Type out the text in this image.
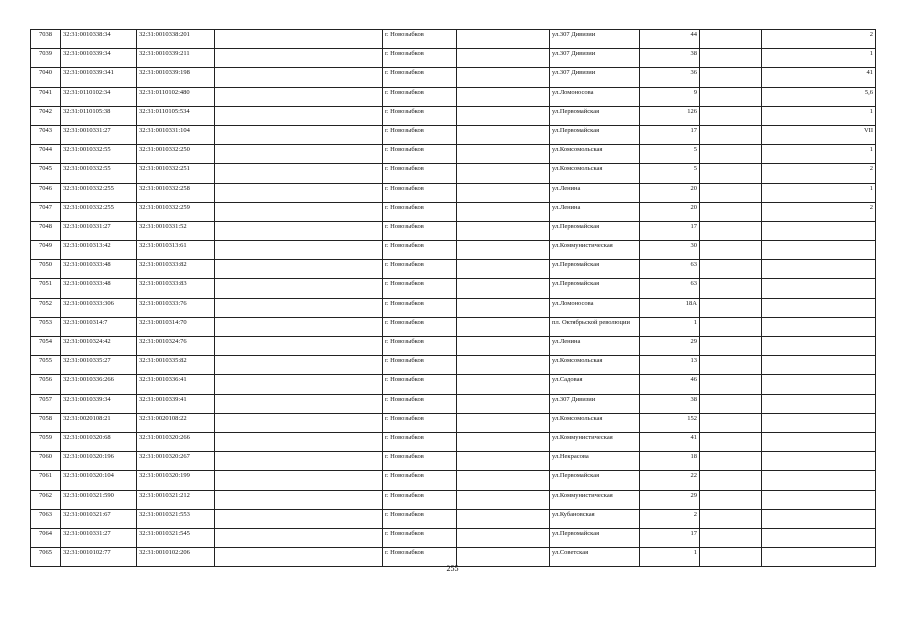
7038	32:31:0010338:34	32:31:0010338:201		г. Новозыбков		ул.307 Дивизии	44		2
7039	32:31:0010339:34	32:31:0010339:211		г. Новозыбков		ул.307 Дивизии	38		1
7040	32:31:0010339:341	32:31:0010339:198		г. Новозыбков		ул.307 Дивизии	36		41
7041	32:31:0110102:34	32:31:0110102:480		г. Новозыбков		ул.Ломоносова	9		5,6
7042	32:31:0110105:38	32:31:0110105:534		г. Новозыбков		ул.Первомайская	126		1
7043	32:31:0010331:27	32:31:0010331:104		г. Новозыбков		ул.Первомайская	17		VII
7044	32:31:0010332:55	32:31:0010332:250		г. Новозыбков		ул.Комсомольская	5		1
7045	32:31:0010332:55	32:31:0010332:251		г. Новозыбков		ул.Комсомольская	5		2
7046	32:31:0010332:255	32:31:0010332:258		г. Новозыбков		ул.Ленина	20		1
7047	32:31:0010332:255	32:31:0010332:259		г. Новозыбков		ул.Ленина	20		2
7048	32:31:0010331:27	32:31:0010331:52		г. Новозыбков		ул.Первомайская	17		
7049	32:31:0010313:42	32:31:0010313:61		г. Новозыбков		ул.Коммунистическая	30		
7050	32:31:0010333:48	32:31:0010333:82		г. Новозыбков		ул.Первомайская	63		
7051	32:31:0010333:48	32:31:0010333:83		г. Новозыбков		ул.Первомайская	63		
7052	32:31:0010333:306	32:31:0010333:76		г. Новозыбков		ул.Ломоносова	18А		
7053	32:31:0010314:7	32:31:0010314:70		г. Новозыбков		пл. Октябрьской революции	1		
7054	32:31:0010324:42	32:31:0010324:76		г. Новозыбков		ул.Ленина	29		
7055	32:31:0010335:27	32:31:0010335:82		г. Новозыбков		ул.Комсомольская	13		
7056	32:31:0010336:266	32:31:0010336:41		г. Новозыбков		ул.Садовая	46		
7057	32:31:0010339:34	32:31:0010339:41		г. Новозыбков		ул.307 Дивизии	38		
7058	32:31:0020108:21	32:31:0020108:22		г. Новозыбков		ул.Комсомольская	152		
7059	32:31:0010320:68	32:31:0010320:266		г. Новозыбков		ул.Коммунистическая	41		
7060	32:31:0010320:196	32:31:0010320:267		г. Новозыбков		ул.Некрасова	18		
7061	32:31:0010320:104	32:31:0010320:199		г. Новозыбков		ул.Первомайская	22		
7062	32:31:0010321:590	32:31:0010321:212		г. Новозыбков		ул.Коммунистическая	29		
7063	32:31:0010321:67	32:31:0010321:553		г. Новозыбков		ул.Кубановская	2		
7064	32:31:0010331:27	32:31:0010321:545		г. Новозыбков		ул.Первомайская	17		
7065	32:31:0010102:77	32:31:0010102:206		г. Новозыбков		ул.Советская	1		
255
